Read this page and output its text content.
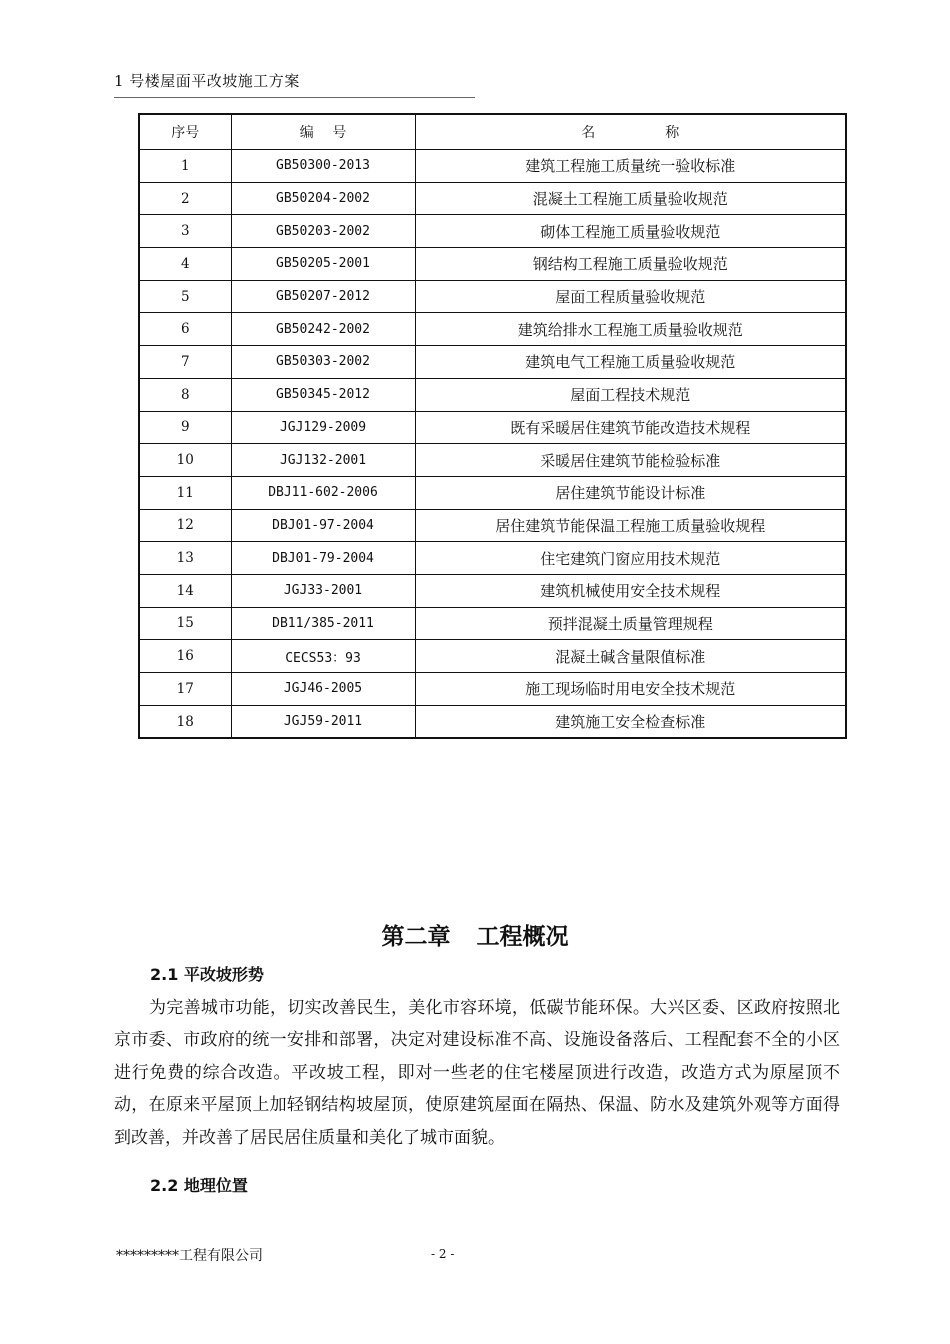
1 号楼屋面平改坡施工方案
序号	编　 号	名　　　　　称
1	GB50300-2013	建筑工程施工质量统一验收标准
2	GB50204-2002	混凝土工程施工质量验收规范
3	GB50203-2002	砌体工程施工质量验收规范
4	GB50205-2001	钢结构工程施工质量验收规范
5	GB50207-2012	屋面工程质量验收规范
6	GB50242-2002	建筑给排水工程施工质量验收规范
7	GB50303-2002	建筑电气工程施工质量验收规范
8	GB50345-2012	屋面工程技术规范
9	JGJ129-2009	既有采暖居住建筑节能改造技术规程
10	JGJ132-2001	采暖居住建筑节能检验标准
11	DBJ11-602-2006	居住建筑节能设计标准
12	DBJ01-97-2004	居住建筑节能保温工程施工质量验收规程
13	DBJ01-79-2004	住宅建筑门窗应用技术规范
14	JGJ33-2001	建筑机械使用安全技术规程
15	DB11/385-2011	预拌混凝土质量管理规程
16	CECS53：93	混凝土碱含量限值标准
17	JGJ46-2005	施工现场临时用电安全技术规范
18	JGJ59-2011	建筑施工安全检查标准
第二章 工程概况
2.1 平改坡形势
为完善城市功能，切实改善民生，美化市容环境，低碳节能环保。大兴区委、区政府按照北京市委、市政府的统一安排和部署，决定对建设标准不高、设施设备落后、工程配套不全的小区进行免费的综合改造。平改坡工程，即对一些老的住宅楼屋顶进行改造，改造方式为原屋顶不动，在原来平屋顶上加轻钢结构坡屋顶，使原建筑屋面在隔热、保温、防水及建筑外观等方面得到改善，并改善了居民居住质量和美化了城市面貌。
2.2 地理位置
*********工程有限公司	- 2 -
